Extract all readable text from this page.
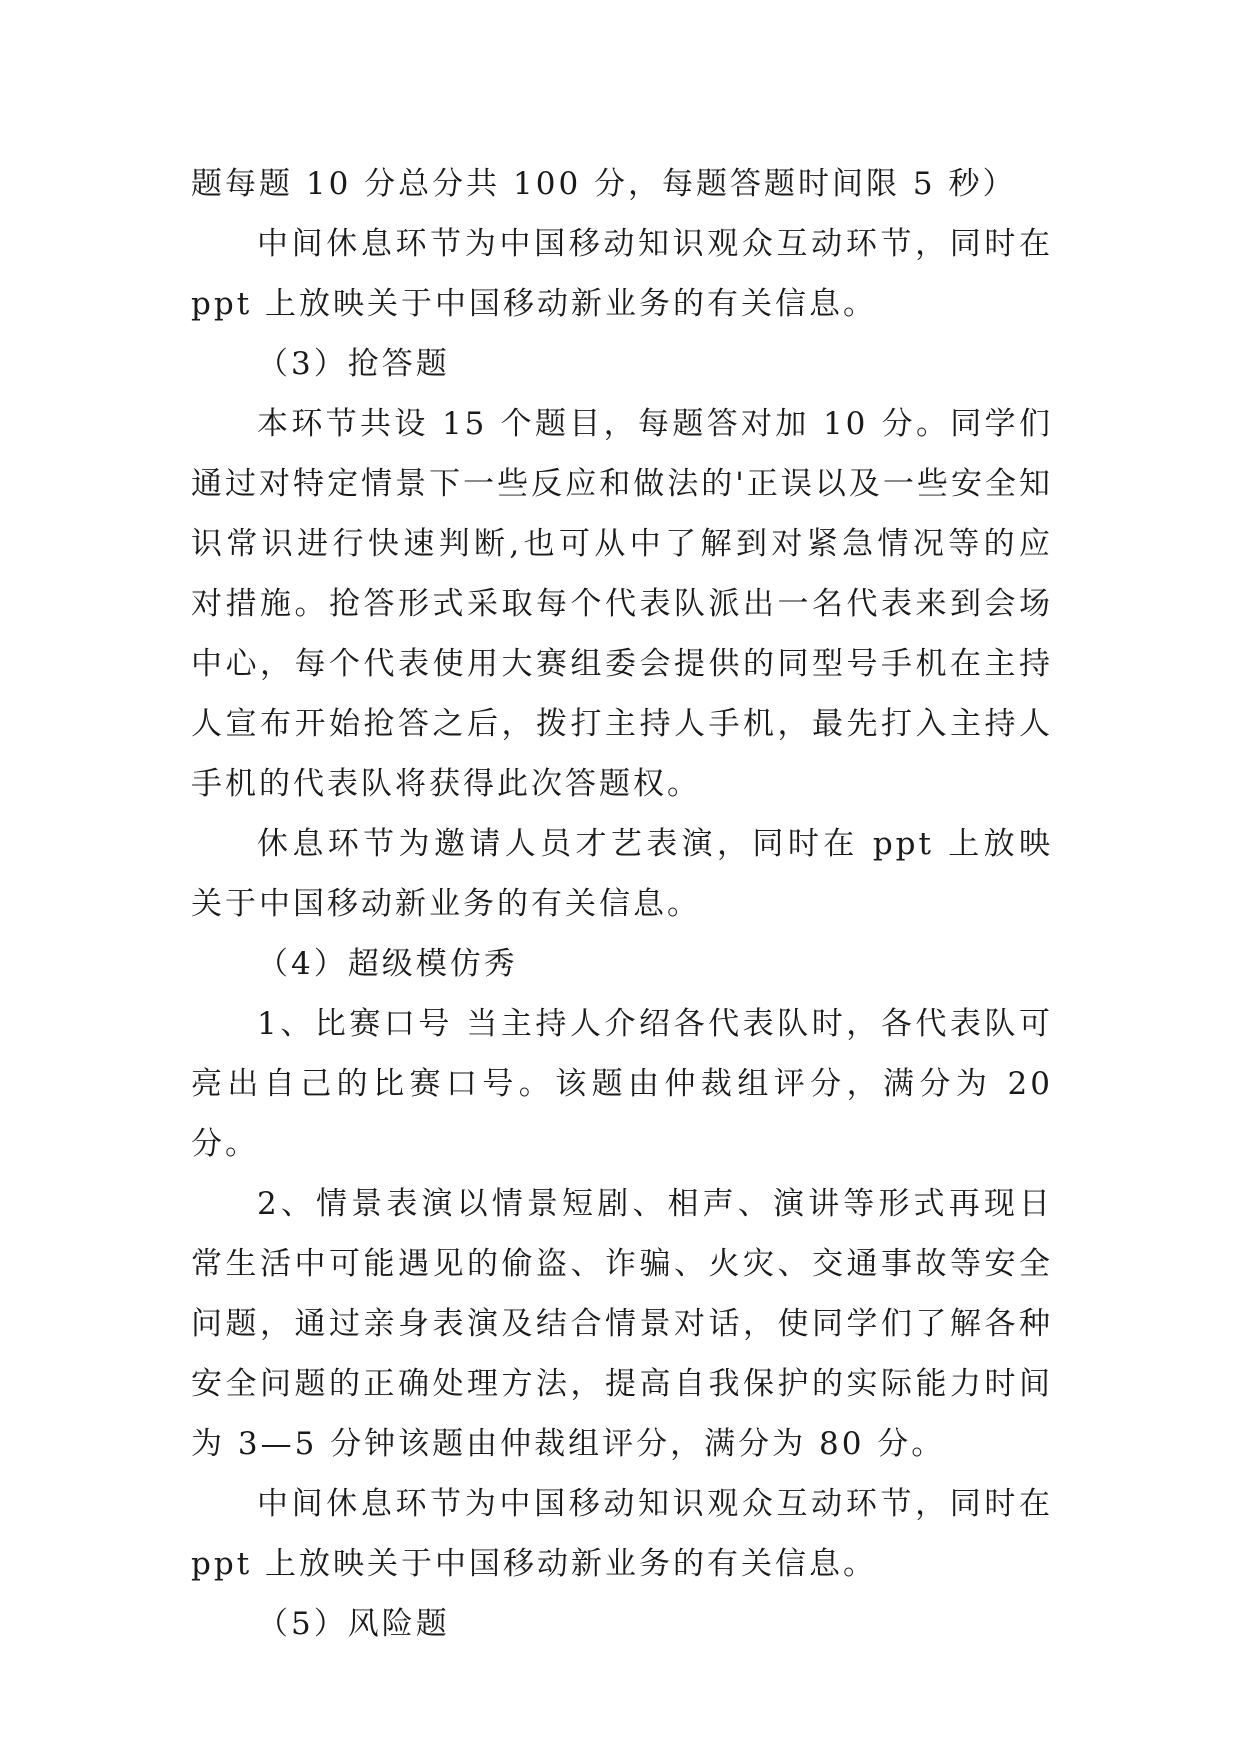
题每题 10 分总分共 100 分，每题答题时间限 5 秒）

中间休息环节为中国移动知识观众互动环节，同时在 ppt 上放映关于中国移动新业务的有关信息。

（3）抢答题

本环节共设 15 个题目，每题答对加 10 分。同学们通过对特定情景下一些反应和做法的'正误以及一些安全知识常识进行快速判断,也可从中了解到对紧急情况等的应对措施。抢答形式采取每个代表队派出一名代表来到会场中心，每个代表使用大赛组委会提供的同型号手机在主持人宣布开始抢答之后，拨打主持人手机，最先打入主持人手机的代表队将获得此次答题权。

休息环节为邀请人员才艺表演，同时在 ppt 上放映关于中国移动新业务的有关信息。

（4）超级模仿秀

1、比赛口号 当主持人介绍各代表队时，各代表队可亮出自己的比赛口号。该题由仲裁组评分，满分为 20 分。

2、情景表演以情景短剧、相声、演讲等形式再现日常生活中可能遇见的偷盗、诈骗、火灾、交通事故等安全问题，通过亲身表演及结合情景对话，使同学们了解各种安全问题的正确处理方法，提高自我保护的实际能力时间为 3—5 分钟该题由仲裁组评分，满分为 80 分。

中间休息环节为中国移动知识观众互动环节，同时在 ppt 上放映关于中国移动新业务的有关信息。

（5）风险题
